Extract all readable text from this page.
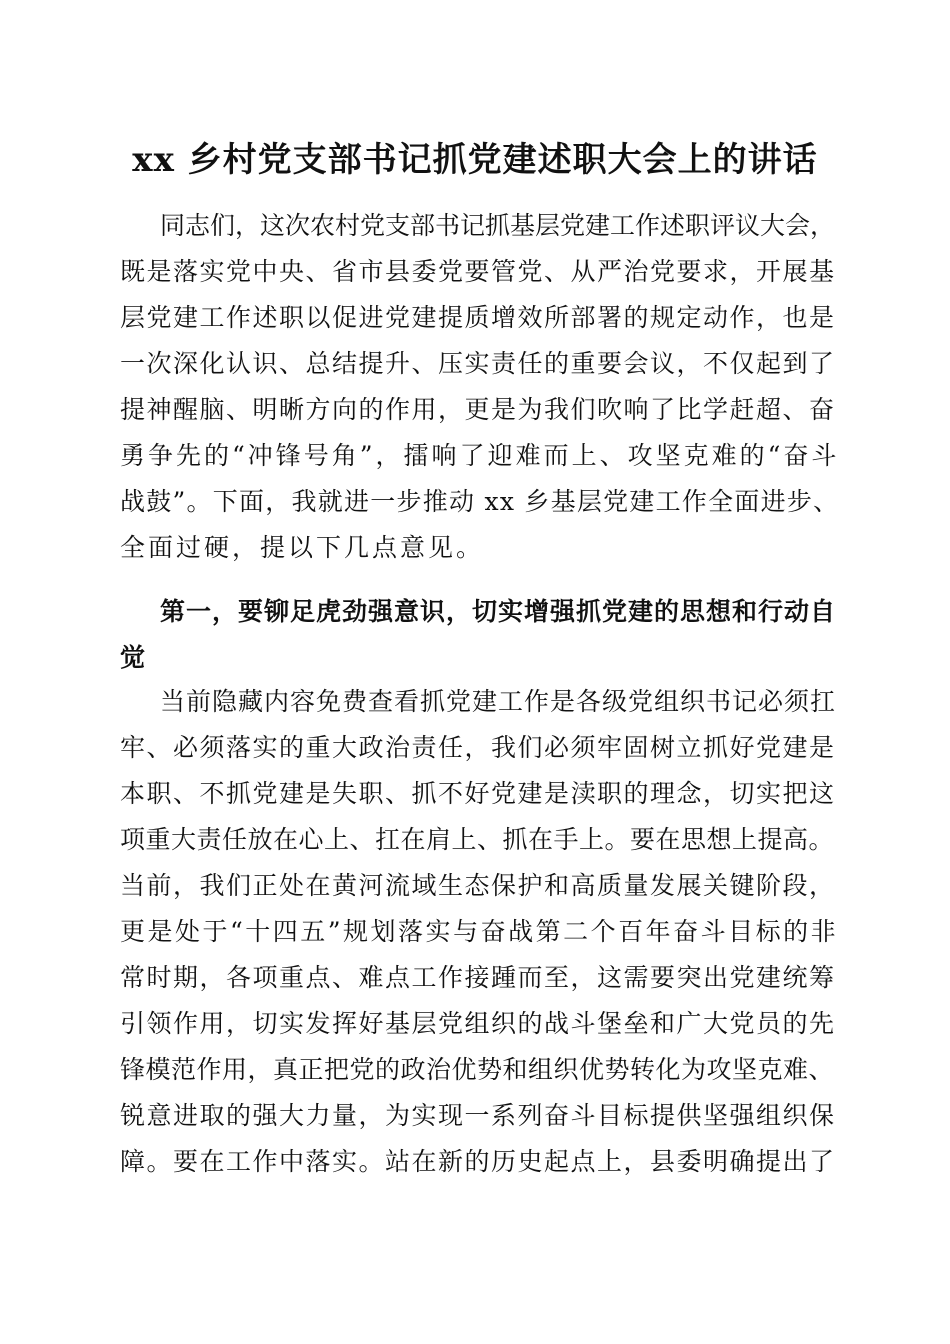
xx 乡村党支部书记抓党建述职大会上的讲话
同志们，这次农村党支部书记抓基层党建工作述职评议大会，
既是落实党中央、省市县委党要管党、从严治党要求，开展基
层党建工作述职以促进党建提质增效所部署的规定动作，也是
一次深化认识、总结提升、压实责任的重要会议，不仅起到了
提神醒脑、明晰方向的作用，更是为我们吹响了比学赶超、奋
勇争先的“冲锋号角”，擂响了迎难而上、攻坚克难的“奋斗
战鼓”。下面，我就进一步推动 xx 乡基层党建工作全面进步、
全面过硬，提以下几点意见。
第一，要铆足虎劲强意识，切实增强抓党建的思想和行动自
觉
当前隐藏内容免费查看抓党建工作是各级党组织书记必须扛
牢、必须落实的重大政治责任，我们必须牢固树立抓好党建是
本职、不抓党建是失职、抓不好党建是渎职的理念，切实把这
项重大责任放在心上、扛在肩上、抓在手上。要在思想上提高。
当前，我们正处在黄河流域生态保护和高质量发展关键阶段，
更是处于“十四五”规划落实与奋战第二个百年奋斗目标的非
常时期，各项重点、难点工作接踵而至，这需要突出党建统筹
引领作用，切实发挥好基层党组织的战斗堡垒和广大党员的先
锋模范作用，真正把党的政治优势和组织优势转化为攻坚克难、
锐意进取的强大力量，为实现一系列奋斗目标提供坚强组织保
障。要在工作中落实。站在新的历史起点上，县委明确提出了
